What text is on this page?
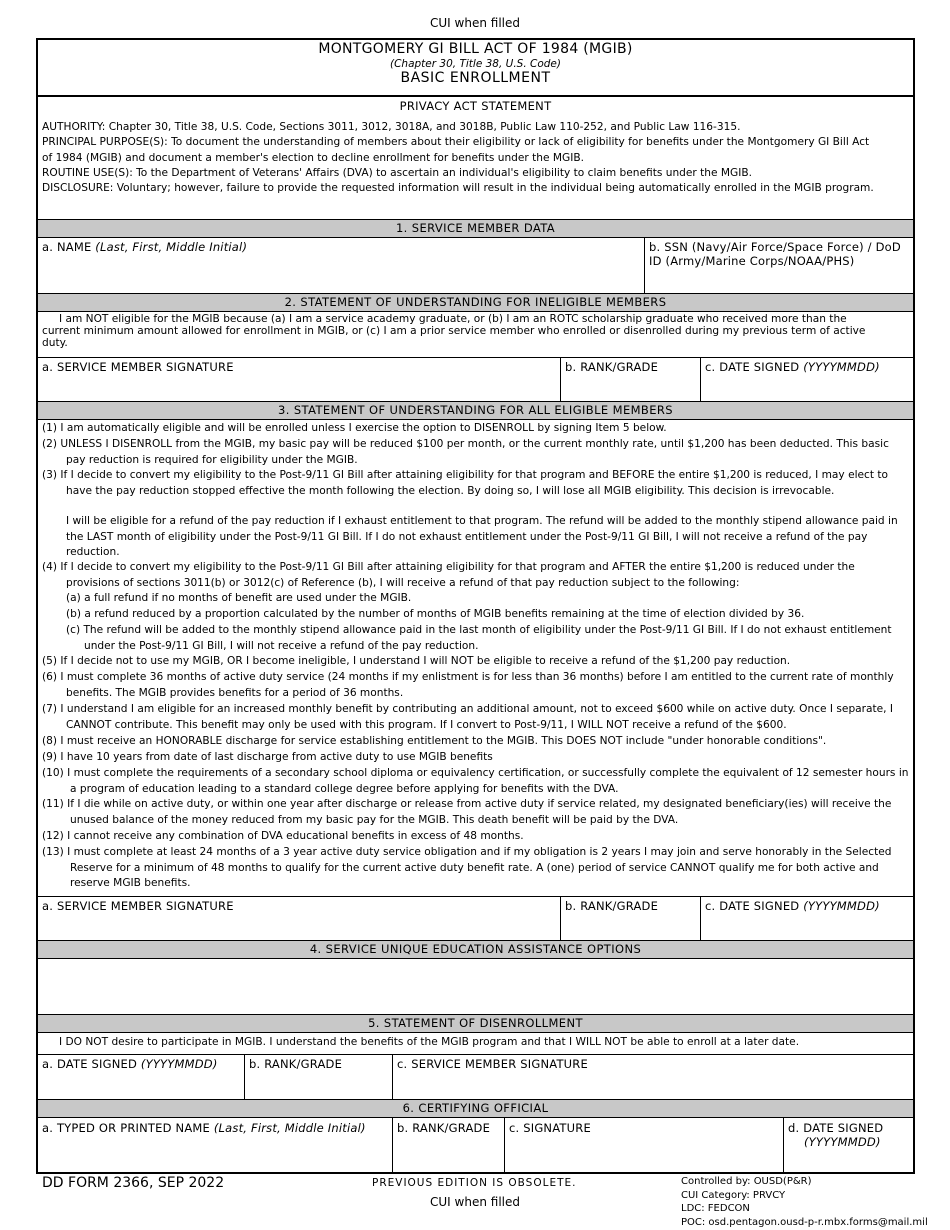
CUI when filled
MONTGOMERY GI BILL ACT OF 1984 (MGIB)
(Chapter 30, Title 38, U.S. Code)
BASIC ENROLLMENT
PRIVACY ACT STATEMENT
AUTHORITY: Chapter 30, Title 38, U.S. Code, Sections 3011, 3012, 3018A, and 3018B, Public Law 110-252, and Public Law 116-315.
PRINCIPAL PURPOSE(S): To document the understanding of members about their eligibility or lack of eligibility for benefits under the Montgomery GI Bill Act of 1984 (MGIB) and document a member's election to decline enrollment for benefits under the MGIB.
ROUTINE USE(S): To the Department of Veterans' Affairs (DVA) to ascertain an individual's eligibility to claim benefits under the MGIB.
DISCLOSURE: Voluntary; however, failure to provide the requested information will result in the individual being automatically enrolled in the MGIB program.
1. SERVICE MEMBER DATA
a. NAME (Last, First, Middle Initial)	b. SSN (Navy/Air Force/Space Force) / DoD ID (Army/Marine Corps/NOAA/PHS)
2. STATEMENT OF UNDERSTANDING FOR INELIGIBLE MEMBERS
I am NOT eligible for the MGIB because (a) I am a service academy graduate, or (b) I am an ROTC scholarship graduate who received more than the current minimum amount allowed for enrollment in MGIB, or (c) I am a prior service member who enrolled or disenrolled during my previous term of active duty.
a. SERVICE MEMBER SIGNATURE	b. RANK/GRADE	c. DATE SIGNED (YYYYMMDD)
3. STATEMENT OF UNDERSTANDING FOR ALL ELIGIBLE MEMBERS
(1) I am automatically eligible and will be enrolled unless I exercise the option to DISENROLL by signing Item 5 below.
(2) UNLESS I DISENROLL from the MGIB, my basic pay will be reduced $100 per month, or the current monthly rate, until $1,200 has been deducted. This basic pay reduction is required for eligibility under the MGIB.
(3) If I decide to convert my eligibility to the Post-9/11 GI Bill after attaining eligibility for that program and BEFORE the entire $1,200 is reduced, I may elect to have the pay reduction stopped effective the month following the election. By doing so, I will lose all MGIB eligibility. This decision is irrevocable.
I will be eligible for a refund of the pay reduction if I exhaust entitlement to that program. The refund will be added to the monthly stipend allowance paid in the LAST month of eligibility under the Post-9/11 GI Bill. If I do not exhaust entitlement under the Post-9/11 GI Bill, I will not receive a refund of the pay reduction.
(4) If I decide to convert my eligibility to the Post-9/11 GI Bill after attaining eligibility for that program and AFTER the entire $1,200 is reduced under the provisions of sections 3011(b) or 3012(c) of Reference (b), I will receive a refund of that pay reduction subject to the following:
(a) a full refund if no months of benefit are used under the MGIB.
(b) a refund reduced by a proportion calculated by the number of months of MGIB benefits remaining at the time of election divided by 36.
(c) The refund will be added to the monthly stipend allowance paid in the last month of eligibility under the Post-9/11 GI Bill. If I do not exhaust entitlement under the Post-9/11 GI Bill, I will not receive a refund of the pay reduction.
(5) If I decide not to use my MGIB, OR I become ineligible, I understand I will NOT be eligible to receive a refund of the $1,200 pay reduction.
(6) I must complete 36 months of active duty service (24 months if my enlistment is for less than 36 months) before I am entitled to the current rate of monthly benefits. The MGIB provides benefits for a period of 36 months.
(7) I understand I am eligible for an increased monthly benefit by contributing an additional amount, not to exceed $600 while on active duty. Once I separate, I CANNOT contribute. This benefit may only be used with this program. If I convert to Post-9/11, I WILL NOT receive a refund of the $600.
(8) I must receive an HONORABLE discharge for service establishing entitlement to the MGIB. This DOES NOT include "under honorable conditions".
(9) I have 10 years from date of last discharge from active duty to use MGIB benefits
(10) I must complete the requirements of a secondary school diploma or equivalency certification, or successfully complete the equivalent of 12 semester hours in a program of education leading to a standard college degree before applying for benefits with the DVA.
(11) If I die while on active duty, or within one year after discharge or release from active duty if service related, my designated beneficiary(ies) will receive the unused balance of the money reduced from my basic pay for the MGIB. This death benefit will be paid by the DVA.
(12) I cannot receive any combination of DVA educational benefits in excess of 48 months.
(13) I must complete at least 24 months of a 3 year active duty service obligation and if my obligation is 2 years I may join and serve honorably in the Selected Reserve for a minimum of 48 months to qualify for the current active duty benefit rate. A (one) period of service CANNOT qualify me for both active and reserve MGIB benefits.
a. SERVICE MEMBER SIGNATURE	b. RANK/GRADE	c. DATE SIGNED (YYYYMMDD)
4. SERVICE UNIQUE EDUCATION ASSISTANCE OPTIONS
5. STATEMENT OF DISENROLLMENT
I DO NOT desire to participate in MGIB. I understand the benefits of the MGIB program and that I WILL NOT be able to enroll at a later date.
a. DATE SIGNED (YYYYMMDD)	b. RANK/GRADE	c. SERVICE MEMBER SIGNATURE
6. CERTIFYING OFFICIAL
a. TYPED OR PRINTED NAME (Last, First, Middle Initial)	b. RANK/GRADE c. SIGNATURE	d. DATE SIGNED
(YYYYMMDD)
DD FORM 2366, SEP 2022	PREVIOUS EDITION IS OBSOLETE.
CUI when filled
Controlled by: OUSD(P&R)
CUI Category: PRVCY
LDC: FEDCON
POC: osd.pentagon.ousd-p-r.mbx.forms@mail.mil
